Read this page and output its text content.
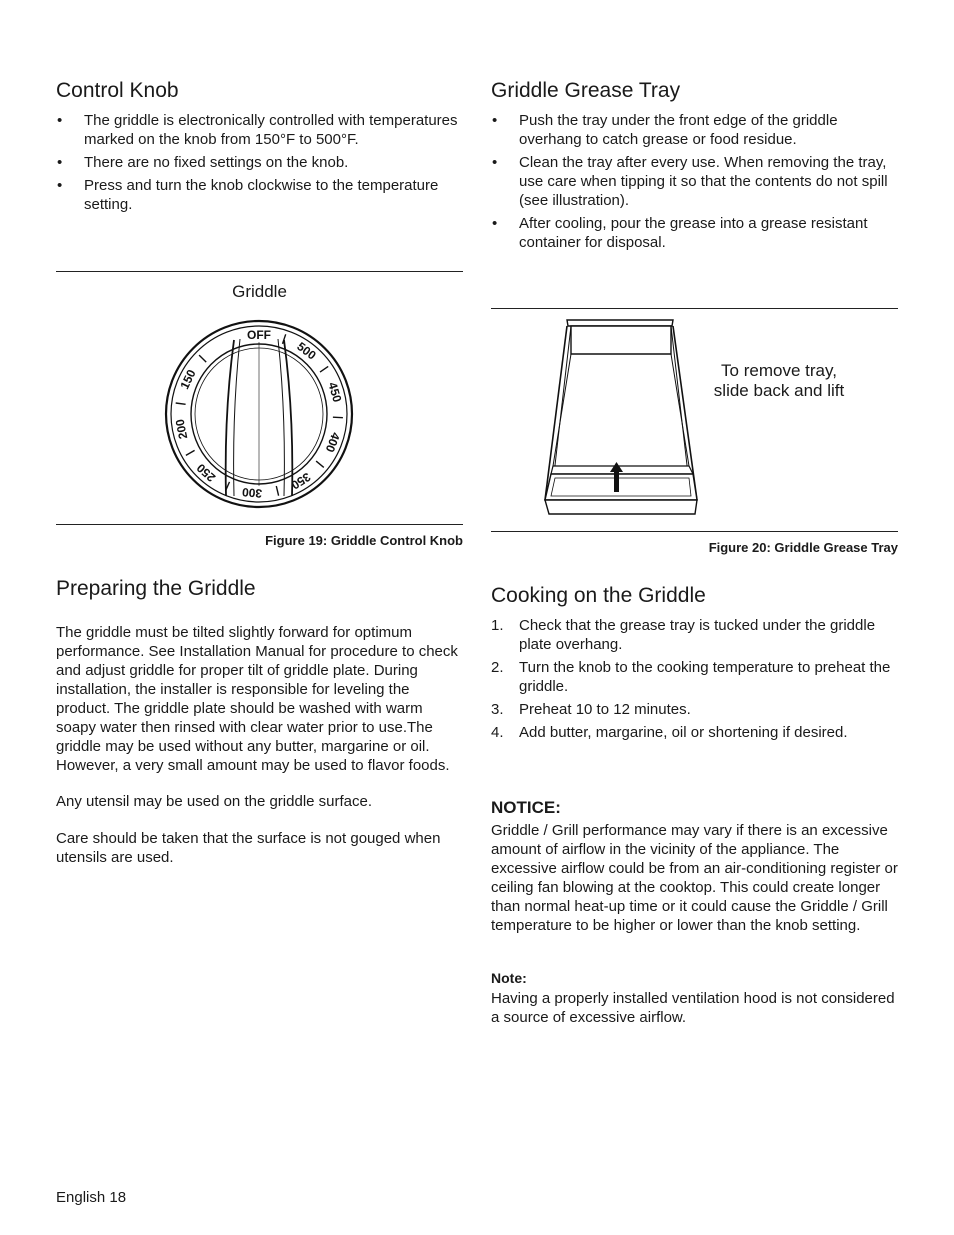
Control Knob
• The griddle is electronically controlled with temperatures marked on the knob from 150°F to 500°F.
• There are no fixed settings on the knob.
• Press and turn the knob clockwise to the temperature setting.
Griddle
OFF
500
450
400
350
300
250
200
150
Figure 19: Griddle Control Knob
Preparing the Griddle

The griddle must be tilted slightly forward for optimum performance. See Installation Manual for procedure to check and adjust griddle for proper tilt of griddle plate. During installation, the installer is responsible for leveling the product. The griddle plate should be washed with warm soapy water then rinsed with clear water prior to use.The griddle may be used without any butter, margarine or oil. However, a very small amount may be used to flavor foods.

Any utensil may be used on the griddle surface.

Care should be taken that the surface is not gouged when utensils are used.

Griddle Grease Tray
• Push the tray under the front edge of the griddle overhang to catch grease or food residue.
• Clean the tray after every use. When removing the tray, use care when tipping it so that the contents do not spill (see illustration).
• After cooling, pour the grease into a grease resistant container for disposal.
To remove tray,
slide back and lift
Figure 20: Griddle Grease Tray
Cooking on the Griddle
1. Check that the grease tray is tucked under the griddle plate overhang.
2. Turn the knob to the cooking temperature to preheat the griddle.
3. Preheat 10 to 12 minutes.
4. Add butter, margarine, oil or shortening if desired.
NOTICE:

Griddle / Grill performance may vary if there is an excessive amount of airflow in the vicinity of the appliance. The excessive airflow could be from an air-conditioning register or ceiling fan blowing at the cooktop. This could create longer than normal heat-up time or it could cause the Griddle / Grill temperature to be higher or lower than the knob setting.

Note:

Having a properly installed ventilation hood is not considered a source of excessive airflow.

English 18
